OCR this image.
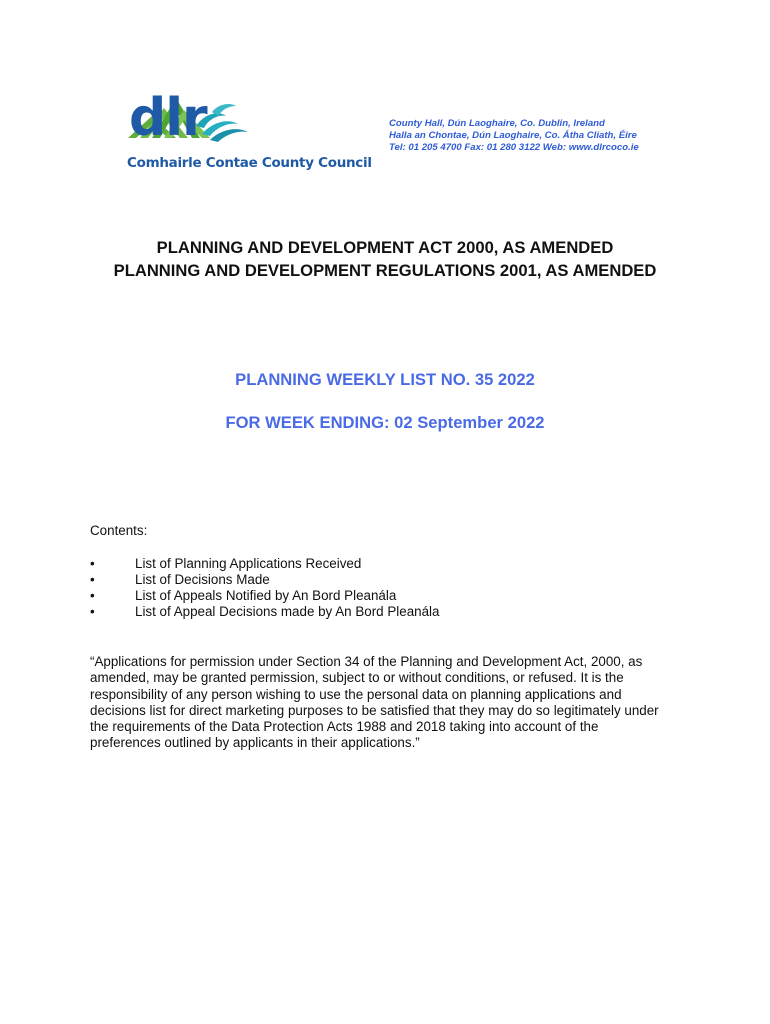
dlr
Comhairle Contae County Council
County Hall, Dún Laoghaire, Co. Dublin, Ireland
Halla an Chontae, Dún Laoghaire, Co. Átha Cliath, Éire
Tel: 01 205 4700 Fax: 01 280 3122 Web: www.dlrcoco.ie
PLANNING AND DEVELOPMENT ACT 2000, AS AMENDED
PLANNING AND DEVELOPMENT REGULATIONS 2001, AS AMENDED
PLANNING WEEKLY LIST NO. 35 2022
FOR WEEK ENDING: 02 September 2022
Contents:
•	List of Planning Applications Received
•	List of Decisions Made
•	List of Appeals Notified by An Bord Pleanála
•	List of Appeal Decisions made by An Bord Pleanála
“Applications for permission under Section 34 of the Planning and Development Act, 2000, as
amended, may be granted permission, subject to or without conditions, or refused. It is the
responsibility of any person wishing to use the personal data on planning applications and
decisions list for direct marketing purposes to be satisfied that they may do so legitimately under
the requirements of the Data Protection Acts 1988 and 2018 taking into account of the
preferences outlined by applicants in their applications.”
